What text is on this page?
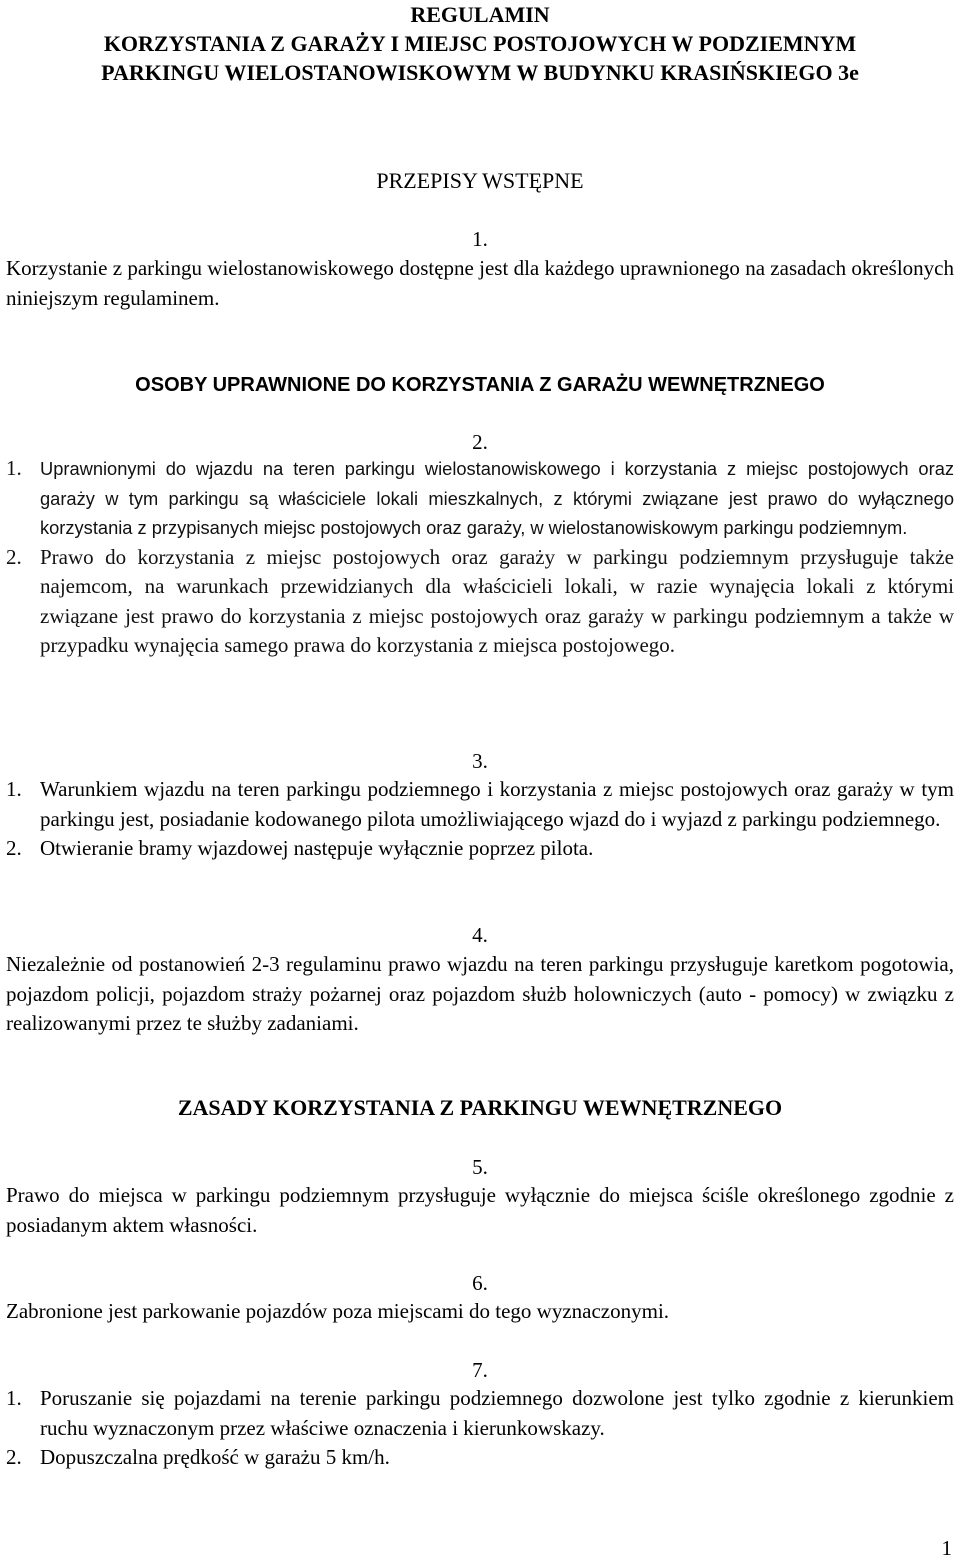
REGULAMIN
KORZYSTANIA Z GARAŻY I MIEJSC POSTOJOWYCH W PODZIEMNYM
PARKINGU WIELOSTANOWISKOWYM W BUDYNKU KRASIŃSKIEGO 3e
PRZEPISY WSTĘPNE
1.
Korzystanie z parkingu wielostanowiskowego dostępne jest dla każdego uprawnionego na zasadach określonych niniejszym regulaminem.
OSOBY UPRAWNIONE DO KORZYSTANIA Z GARAŻU WEWNĘTRZNEGO
2.
1. Uprawnionymi do wjazdu na teren parkingu wielostanowiskowego i korzystania z miejsc postojowych oraz garaży w tym parkingu są właściciele lokali mieszkalnych, z którymi związane jest prawo do wyłącznego korzystania z przypisanych miejsc postojowych oraz garaży, w wielostanowiskowym parkingu podziemnym.
2. Prawo do korzystania z miejsc postojowych oraz garaży w parkingu podziemnym przysługuje także najemcom, na warunkach przewidzianych dla właścicieli lokali, w razie wynajęcia lokali z którymi związane jest prawo do korzystania z miejsc postojowych oraz garaży w parkingu podziemnym a także w przypadku wynajęcia samego prawa do korzystania z miejsca postojowego.
3.
1. Warunkiem wjazdu na teren parkingu podziemnego i korzystania z miejsc postojowych oraz garaży w tym parkingu jest, posiadanie kodowanego pilota umożliwiającego wjazd do i wyjazd z parkingu podziemnego.
2. Otwieranie bramy wjazdowej następuje wyłącznie poprzez pilota.
4.
Niezależnie od postanowień 2-3 regulaminu prawo wjazdu na teren parkingu przysługuje karetkom pogotowia, pojazdom policji, pojazdom straży pożarnej oraz pojazdom służb holowniczych (auto - pomocy) w związku z realizowanymi przez te służby zadaniami.
ZASADY KORZYSTANIA Z PARKINGU WEWNĘTRZNEGO
5.
Prawo do miejsca w parkingu podziemnym przysługuje wyłącznie do miejsca ściśle określonego zgodnie z posiadanym aktem własności.
6.
Zabronione jest parkowanie pojazdów poza miejscami do tego wyznaczonymi.
7.
1. Poruszanie się pojazdami na terenie parkingu podziemnego dozwolone jest tylko zgodnie z kierunkiem ruchu wyznaczonym przez właściwe oznaczenia i kierunkowskazy.
2. Dopuszczalna prędkość w garażu 5 km/h.
1
